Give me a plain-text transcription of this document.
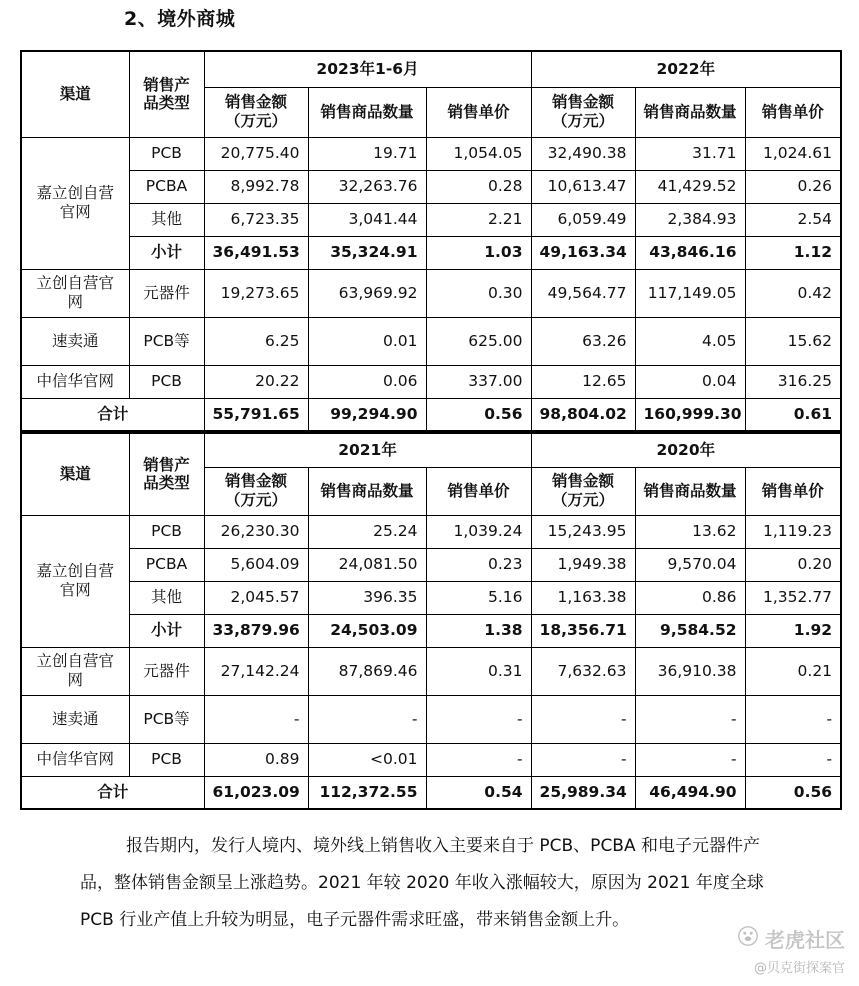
2、境外商城
渠道	销售产品类型	2023年1-6月			2022年		
		销售金额（万元）	销售商品数量	销售单价	销售金额（万元）	销售商品数量	销售单价
嘉立创自营官网	PCB	20,775.40	19.71	1,054.05	32,490.38	31.71	1,024.61
	PCBA	8,992.78	32,263.76	0.28	10,613.47	41,429.52	0.26
	其他	6,723.35	3,041.44	2.21	6,059.49	2,384.93	2.54
	小计	36,491.53	35,324.91	1.03	49,163.34	43,846.16	1.12
立创自营官网	元器件	19,273.65	63,969.92	0.30	49,564.77	117,149.05	0.42
速卖通	PCB等	6.25	0.01	625.00	63.26	4.05	15.62
中信华官网	PCB	20.22	0.06	337.00	12.65	0.04	316.25
合计		55,791.65	99,294.90	0.56	98,804.02	160,999.30	0.61
渠道	销售产品类型	2021年			2020年		
		销售金额（万元）	销售商品数量	销售单价	销售金额（万元）	销售商品数量	销售单价
嘉立创自营官网	PCB	26,230.30	25.24	1,039.24	15,243.95	13.62	1,119.23
	PCBA	5,604.09	24,081.50	0.23	1,949.38	9,570.04	0.20
	其他	2,045.57	396.35	5.16	1,163.38	0.86	1,352.77
	小计	33,879.96	24,503.09	1.38	18,356.71	9,584.52	1.92
立创自营官网	元器件	27,142.24	87,869.46	0.31	7,632.63	36,910.38	0.21
速卖通	PCB等	-	-	-	-	-	-
中信华官网	PCB	0.89	<0.01	-	-	-	-
合计		61,023.09	112,372.55	0.54	25,989.34	46,494.90	0.56

报告期内，发行人境内、境外线上销售收入主要来自于 PCB、PCBA 和电子元器件产品，整体销售金额呈上涨趋势。2021 年较 2020 年收入涨幅较大，原因为 2021 年度全球 PCB 行业产值上升较为明显，电子元器件需求旺盛，带来销售金额上升。

老虎社区
@贝克街探案官
